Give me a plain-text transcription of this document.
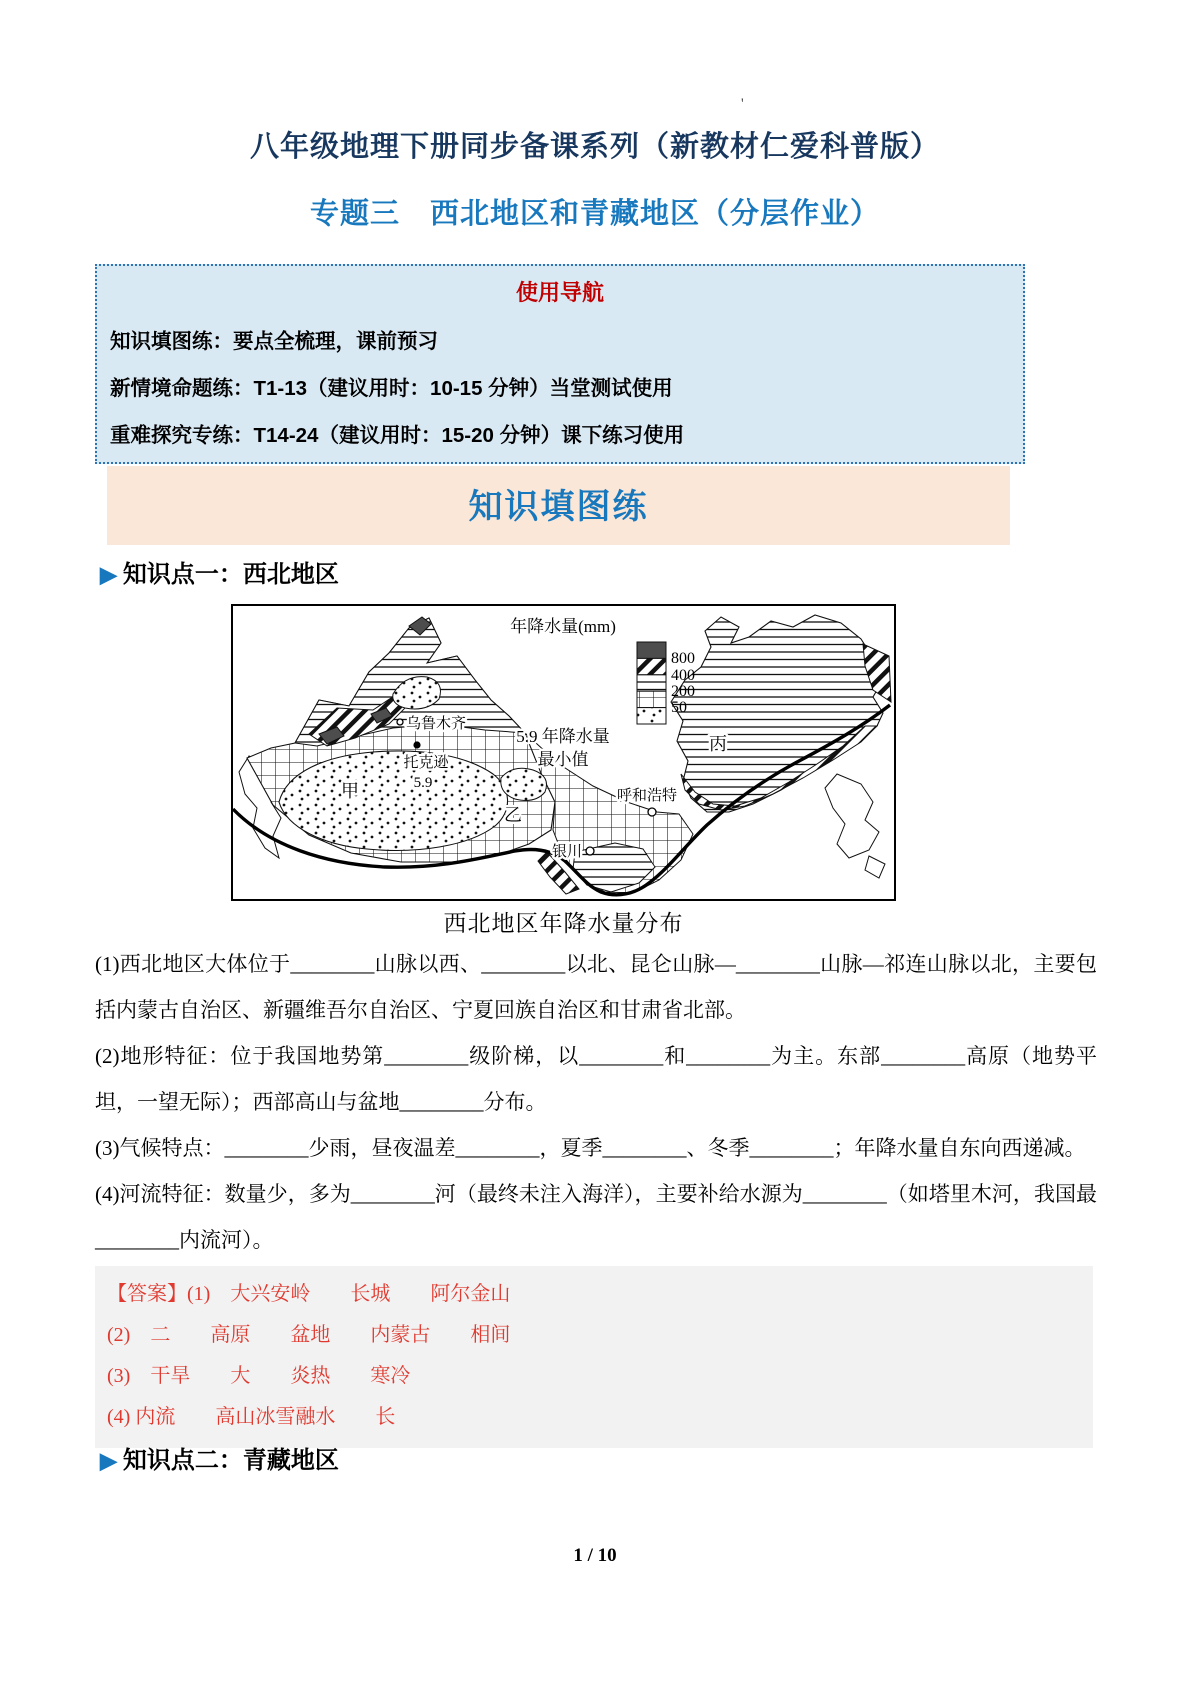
'
八年级地理下册同步备课系列（新教材仁爱科普版）
专题三　西北地区和青藏地区（分层作业）
使用导航
知识填图练：要点全梳理，课前预习
新情境命题练：T1-13（建议用时：10-15 分钟）当堂测试使用
重难探究专练：T14-24（建议用时：15-20 分钟）课下练习使用
知识填图练
▶ 知识点一：西北地区
年降水量(mm)
800
400
200
50
5.9 年降水量
最小值
乌鲁木齐
托克逊
5.9
甲
乙
丙
呼和浩特
银川
西北地区年降水量分布

(1)西北地区大体位于________山脉以西、________以北、昆仑山脉—________山脉—祁连山脉以北，主要包括内蒙古自治区、新疆维吾尔自治区、宁夏回族自治区和甘肃省北部。

(2)地形特征：位于我国地势第________级阶梯，以________和________为主。东部________高原（地势平坦，一望无际）；西部高山与盆地________分布。

(3)气候特点：________少雨，昼夜温差________，夏季________、冬季________；年降水量自东向西递减。

(4)河流特征：数量少，多为________河（最终未注入海洋），主要补给水源为________（如塔里木河，我国最________内流河）。

【答案】(1)　大兴安岭　　长城　　阿尔金山
(2)　二　　高原　　盆地　　内蒙古　　相间
(3)　干旱　　大　　炎热　　寒冷
(4) 内流　　高山冰雪融水　　长
▶ 知识点二：青藏地区
1 / 10
